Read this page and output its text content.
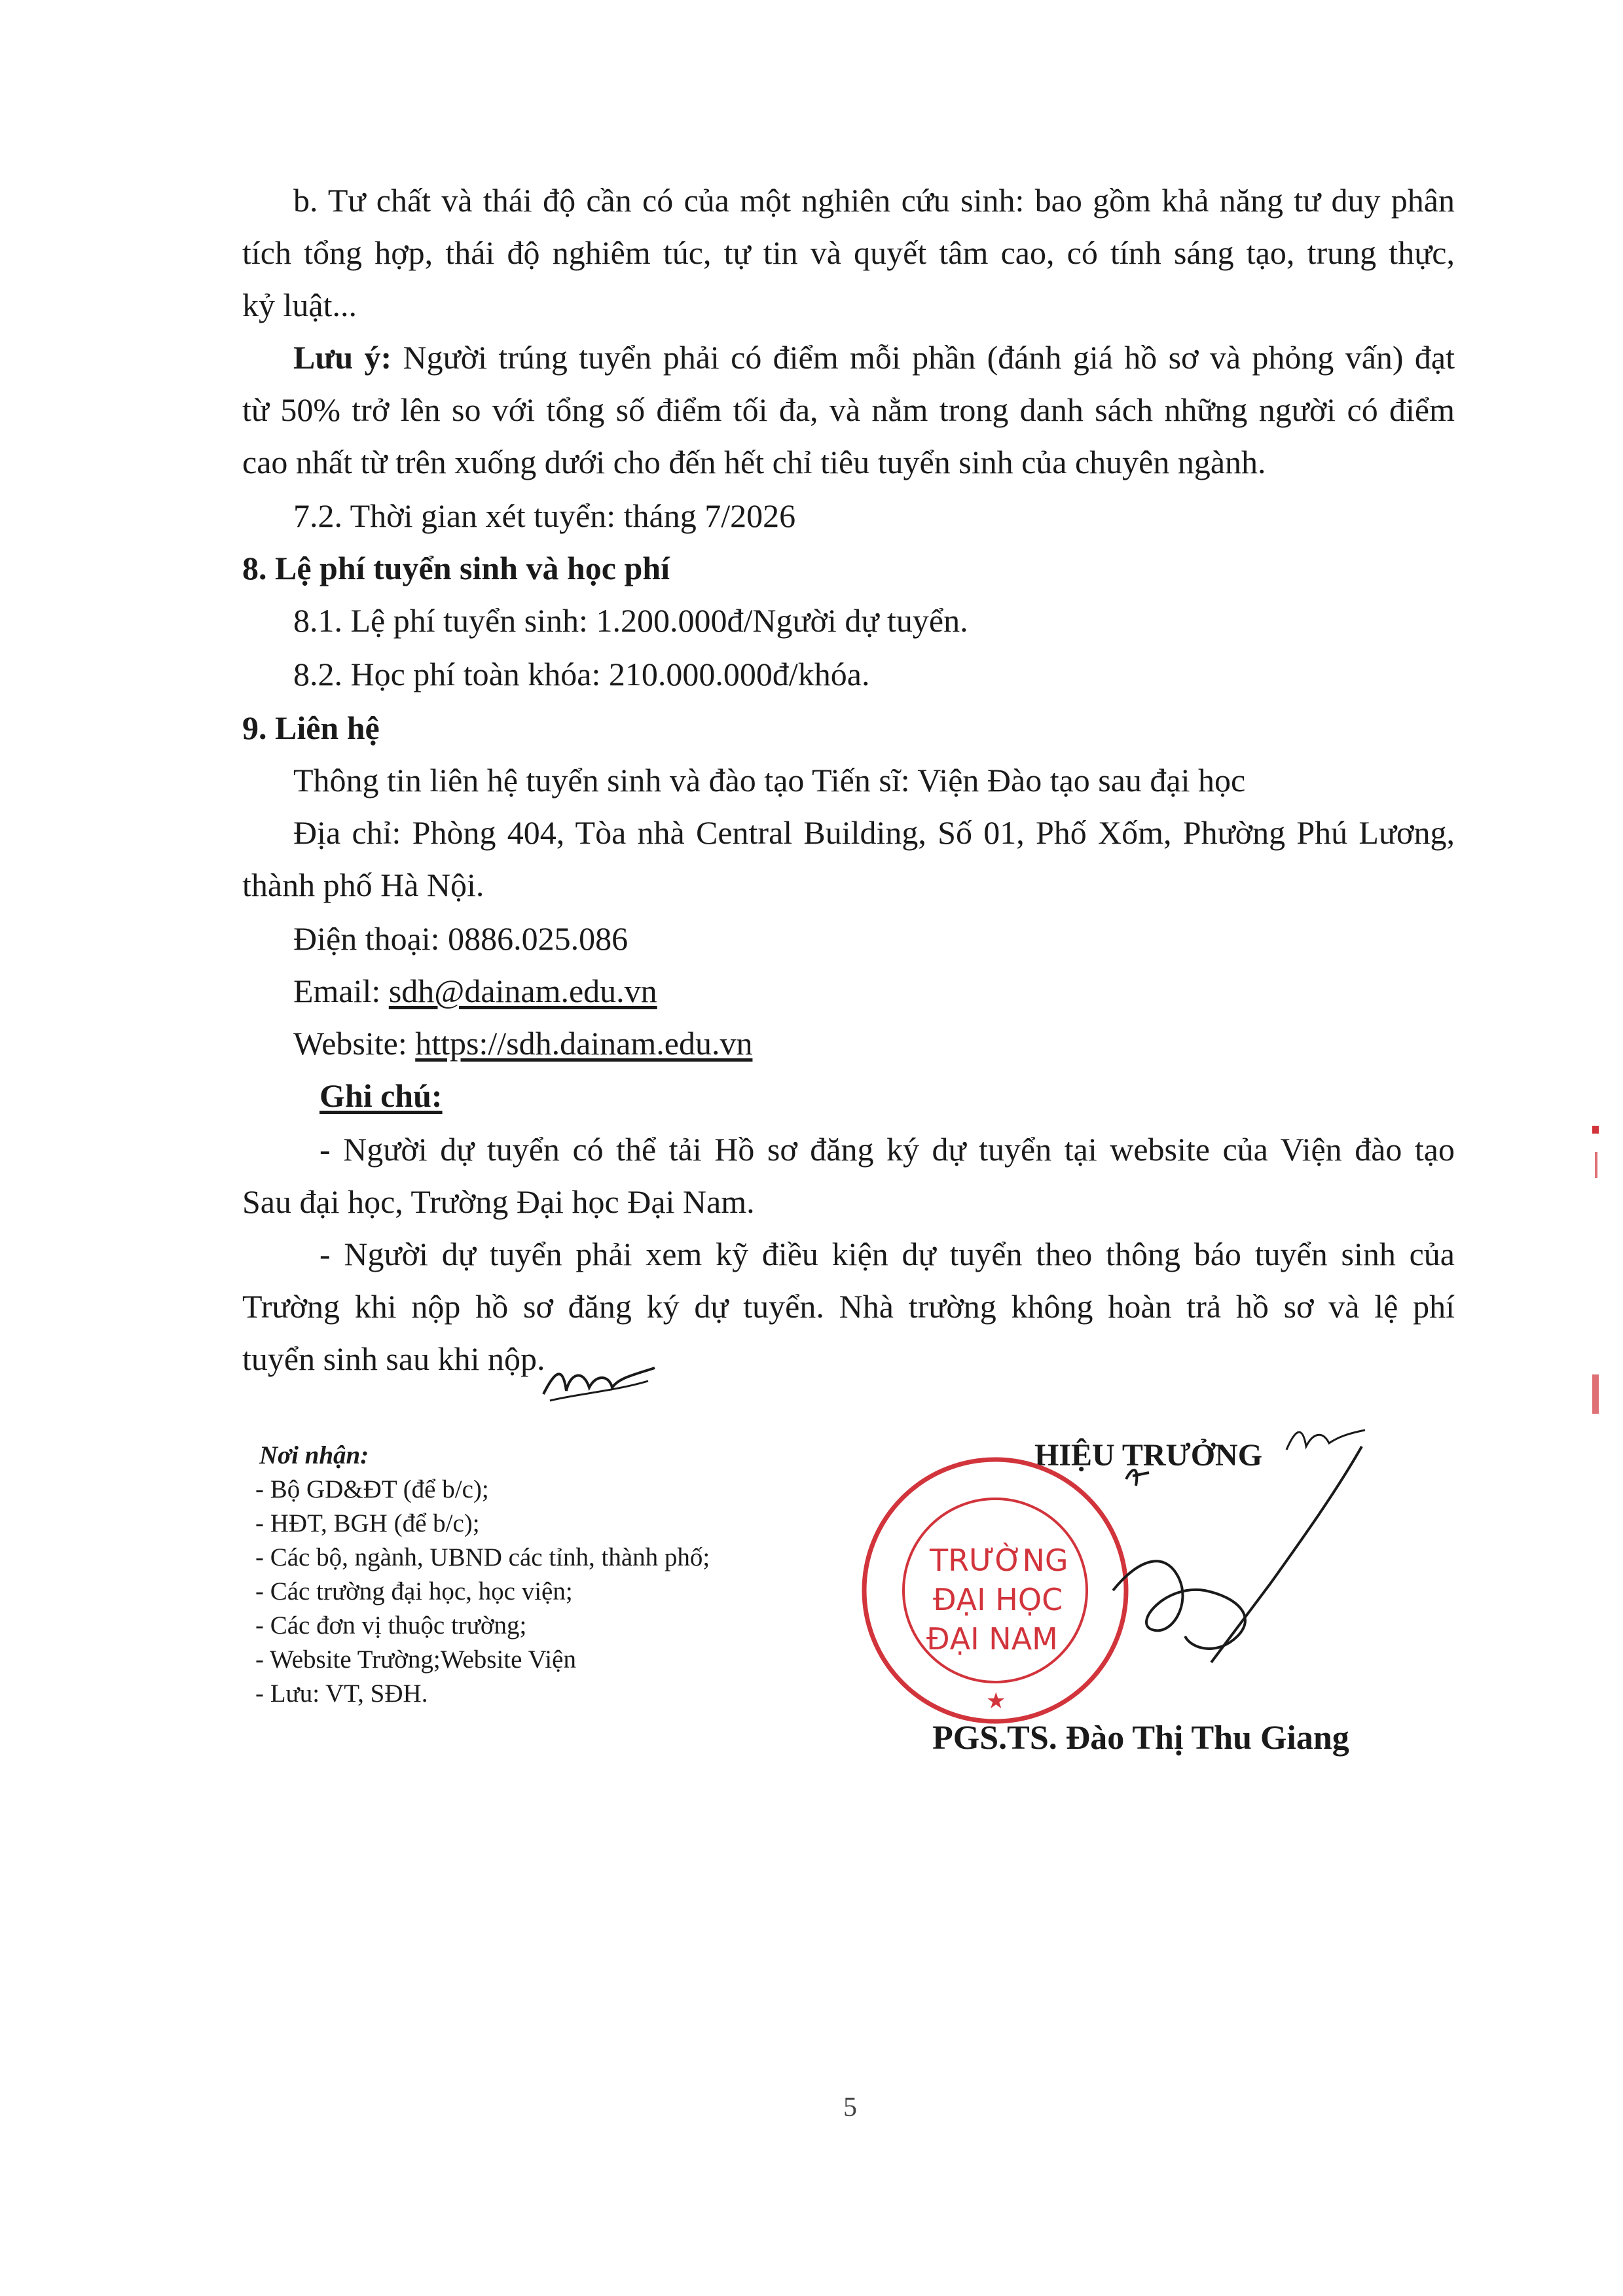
b. Tư chất và thái độ cần có của một nghiên cứu sinh: bao gồm khả năng tư duy phân
tích tổng hợp, thái độ nghiêm túc, tự tin và quyết tâm cao, có tính sáng tạo, trung thực,
kỷ luật...
Lưu ý: Người trúng tuyển phải có điểm mỗi phần (đánh giá hồ sơ và phỏng vấn) đạt
từ 50% trở lên so với tổng số điểm tối đa, và nằm trong danh sách những người có điểm
cao nhất từ trên xuống dưới cho đến hết chỉ tiêu tuyển sinh của chuyên ngành.
7.2. Thời gian xét tuyển: tháng 7/2026
8. Lệ phí tuyển sinh và học phí
8.1. Lệ phí tuyển sinh: 1.200.000đ/Người dự tuyển.
8.2. Học phí toàn khóa: 210.000.000đ/khóa.
9. Liên hệ
Thông tin liên hệ tuyển sinh và đào tạo Tiến sĩ: Viện Đào tạo sau đại học
Địa chỉ: Phòng 404, Tòa nhà Central Building, Số 01, Phố Xốm, Phường Phú Lương,
thành phố Hà Nội.
Điện thoại: 0886.025.086
Email: sdh@dainam.edu.vn
Website: https://sdh.dainam.edu.vn
Ghi chú:
- Người dự tuyển có thể tải Hồ sơ đăng ký dự tuyển tại website của Viện đào tạo
Sau đại học, Trường Đại học Đại Nam.
- Người dự tuyển phải xem kỹ điều kiện dự tuyển theo thông báo tuyển sinh của
Trường khi nộp hồ sơ đăng ký dự tuyển. Nhà trường không hoàn trả hồ sơ và lệ phí
tuyển sinh sau khi nộp.
Nơi nhận:
- Bộ GD&ĐT (để b/c);
- HĐT, BGH (để b/c);
- Các bộ, ngành, UBND các tỉnh, thành phố;
- Các trường đại học, học viện;
- Các đơn vị thuộc trường;
- Website Trường;Website Viện
- Lưu: VT, SĐH.
HIỆU TRƯỞNG
TRƯỜNG
ĐẠI HỌC
ĐẠI NAM
★
PGS.TS. Đào Thị Thu Giang
5
